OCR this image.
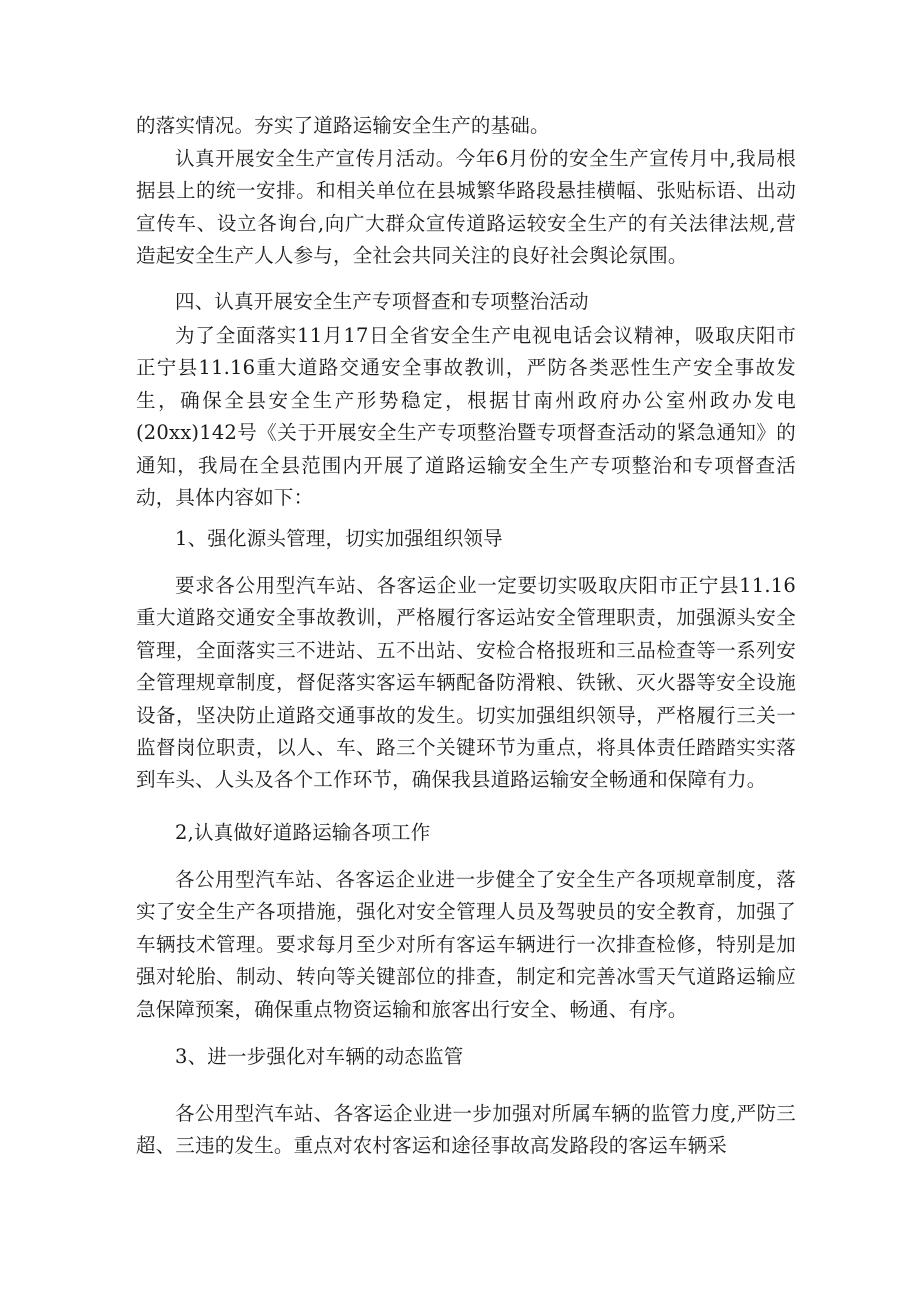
的落实情况。夯实了道路运输安全生产的基础。

认真开展安全生产宣传月活动。今年6月份的安全生产宣传月中,我局根据县上的统一安排。和相关单位在县城繁华路段悬挂横幅、张贴标语、出动宣传车、设立各询台,向广大群众宣传道路运较安全生产的有关法律法规,营造起安全生产人人参与，全社会共同关注的良好社会舆论氛围。

四、认真开展安全生产专项督查和专项整治活动

为了全面落实11月17日全省安全生产电视电话会议精神，吸取庆阳市正宁县11.16重大道路交通安全事故教训，严防各类恶性生产安全事故发生，确保全县安全生产形势稳定，根据甘南州政府办公室州政办发电(20xx)142号《关于开展安全生产专项整治暨专项督查活动的紧急通知》的通知，我局在全县范围内开展了道路运输安全生产专项整治和专项督查活动，具体内容如下：

1、强化源头管理，切实加强组织领导

要求各公用型汽车站、各客运企业一定要切实吸取庆阳市正宁县11.16重大道路交通安全事故教训，严格履行客运站安全管理职责，加强源头安全管理，全面落实三不进站、五不出站、安检合格报班和三品检查等一系列安全管理规章制度，督促落实客运车辆配备防滑粮、铁锹、灭火器等安全设施设备，坚决防止道路交通事故的发生。切实加强组织领导，严格履行三关一监督岗位职责，以人、车、路三个关键环节为重点，将具体责任踏踏实实落到车头、人头及各个工作环节，确保我县道路运输安全畅通和保障有力。

2,认真做好道路运输各项工作

各公用型汽车站、各客运企业进一步健全了安全生产各项规章制度，落实了安全生产各项措施，强化对安全管理人员及驾驶员的安全教育，加强了车辆技术管理。要求每月至少对所有客运车辆进行一次排查检修，特别是加强对轮胎、制动、转向等关键部位的排查，制定和完善冰雪天气道路运输应急保障预案，确保重点物资运输和旅客出行安全、畅通、有序。

3、进一步强化对车辆的动态监管

各公用型汽车站、各客运企业进一步加强对所属车辆的监管力度,严防三超、三违的发生。重点对农村客运和途径事故高发路段的客运车辆采
